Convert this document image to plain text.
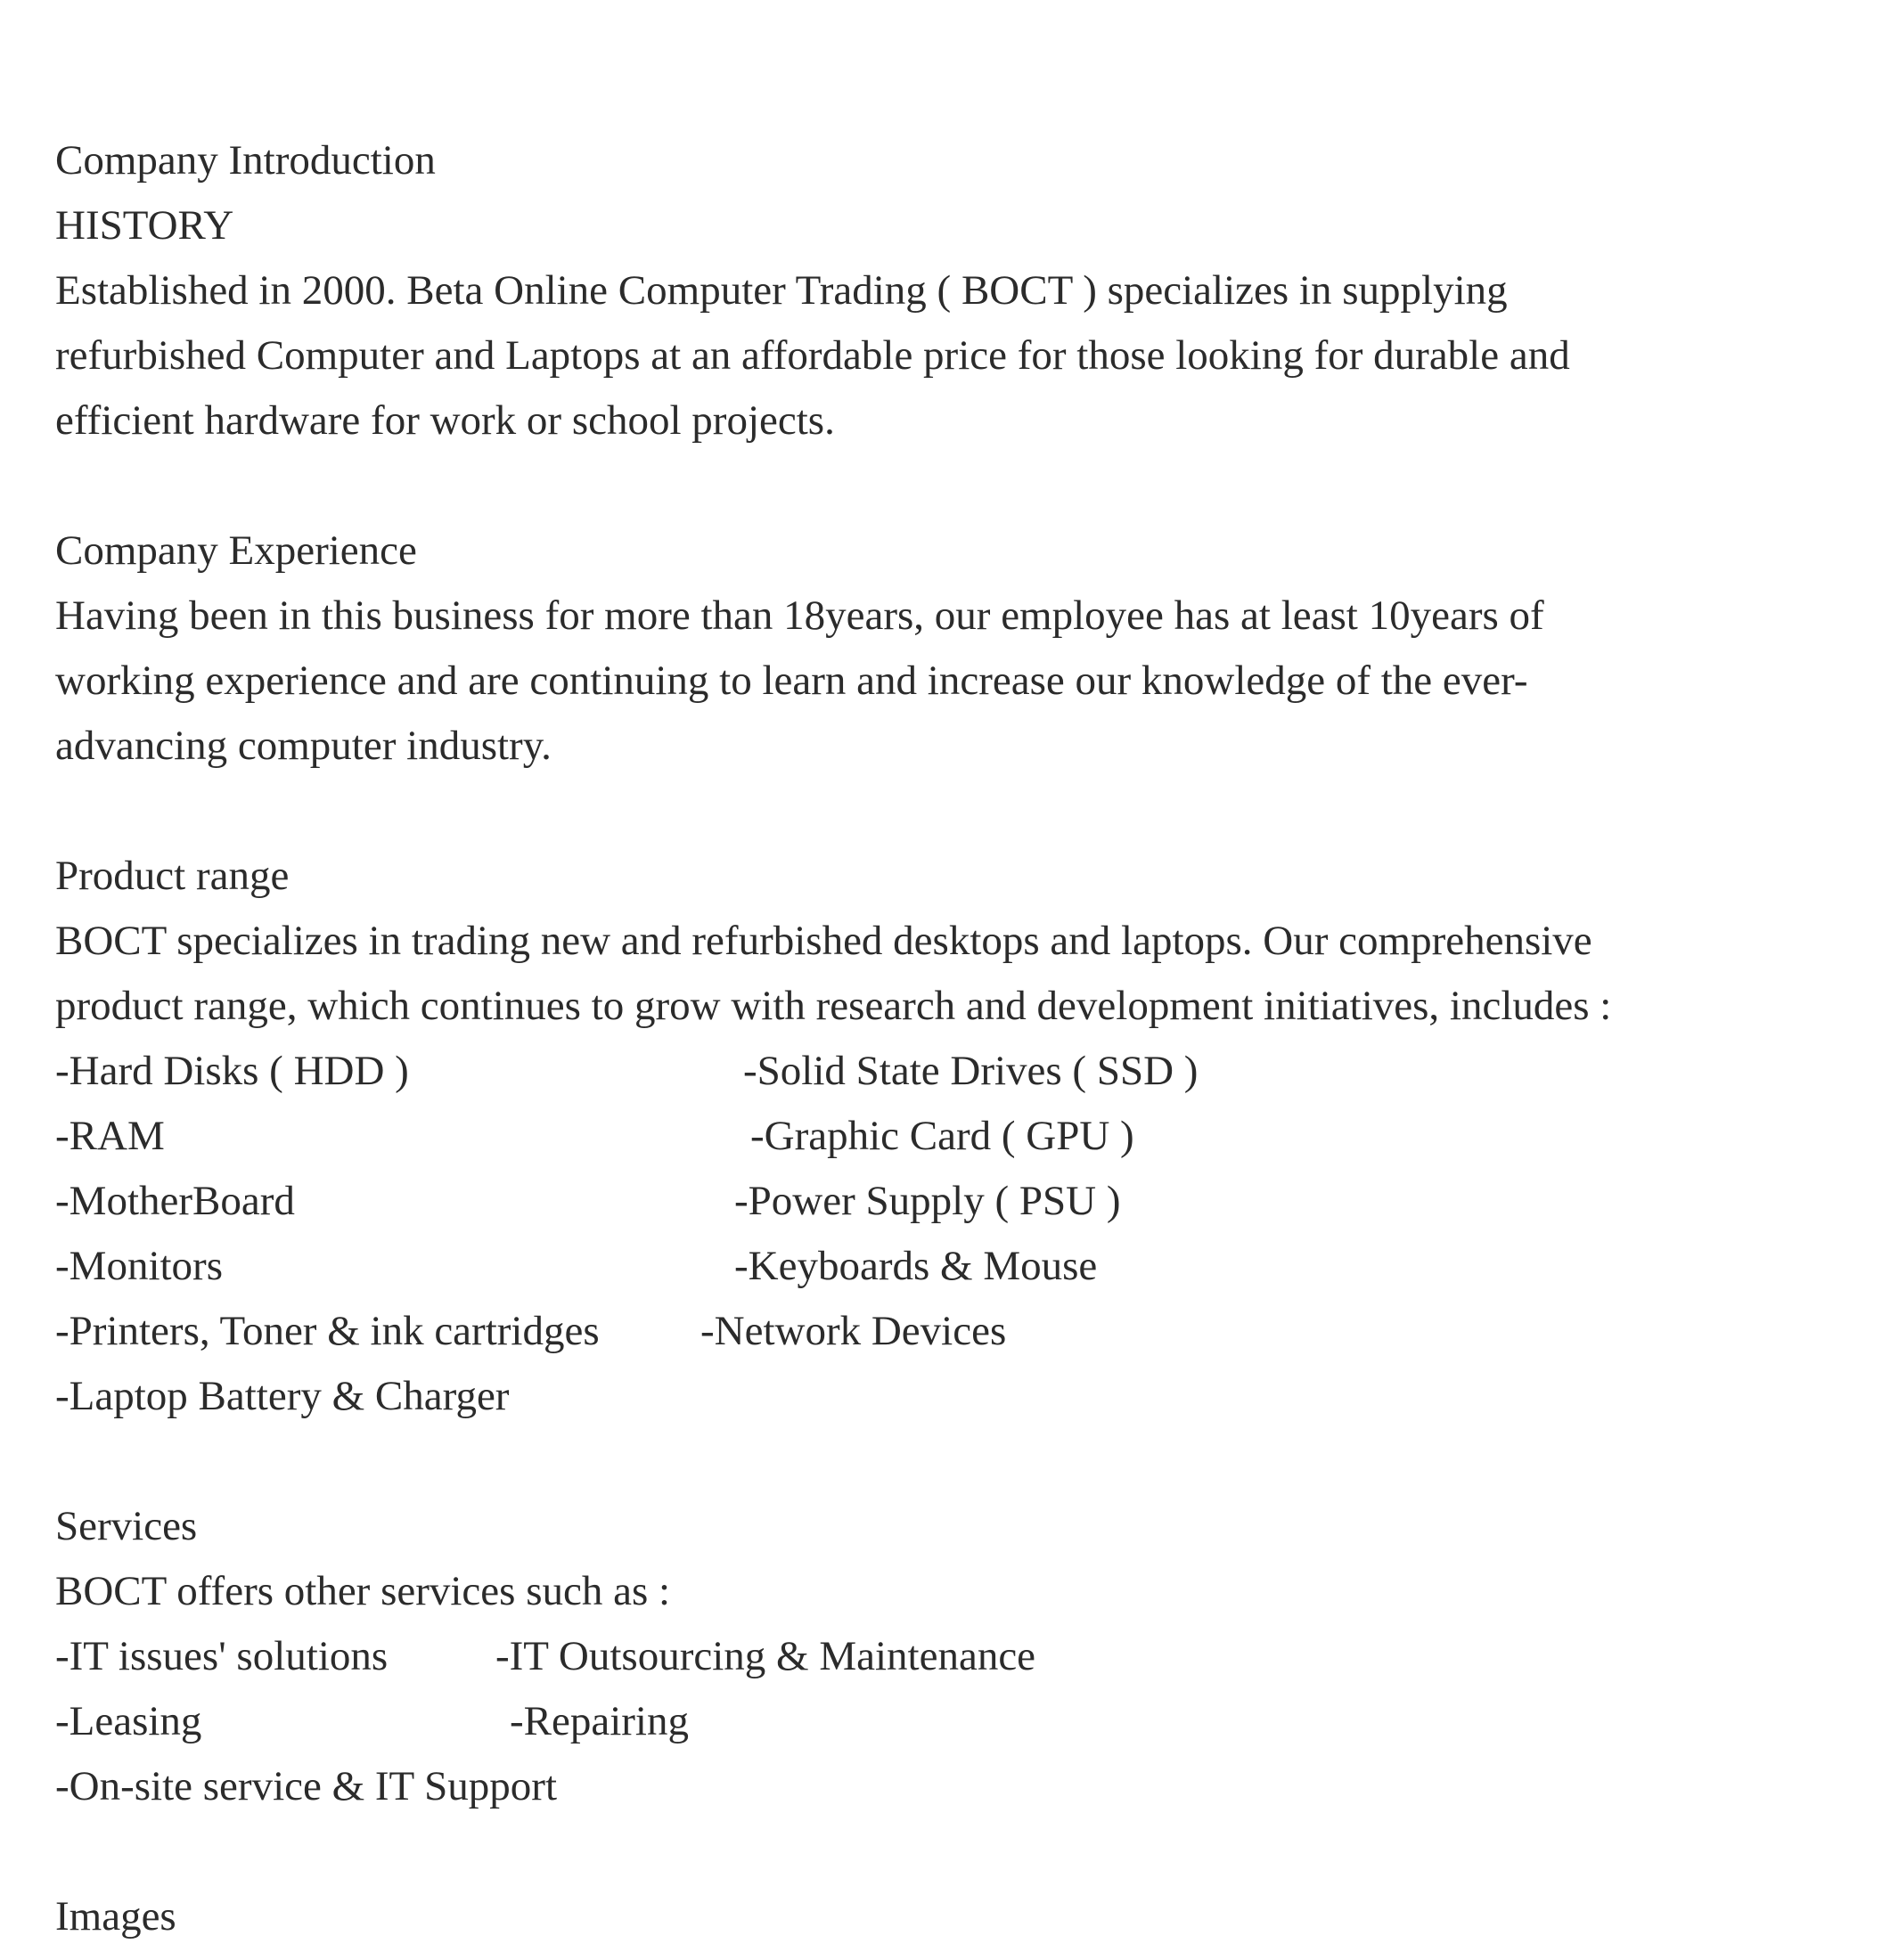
Company Introduction
HISTORY
Established in 2000. Beta Online Computer Trading ( BOCT ) specializes in supplying
refurbished Computer and Laptops at an affordable price for those looking for durable and
efficient hardware for work or school projects.
Company Experience
Having been in this business for more than 18years, our employee has at least 10years of
working experience and are continuing to learn and increase our knowledge of the ever-
advancing computer industry.
Product range
BOCT specializes in trading new and refurbished desktops and laptops. Our comprehensive
product range, which continues to grow with research and development initiatives, includes :
-Hard Disks ( HDD )	-Solid State Drives ( SSD )
-RAM	-Graphic Card ( GPU )
-MotherBoard	-Power Supply ( PSU )
-Monitors	-Keyboards & Mouse
-Printers, Toner & ink cartridges	-Network Devices
-Laptop Battery & Charger
Services
BOCT offers other services such as :
-IT issues' solutions	-IT Outsourcing & Maintenance
-Leasing	-Repairing
-On-site service & IT Support
Images
